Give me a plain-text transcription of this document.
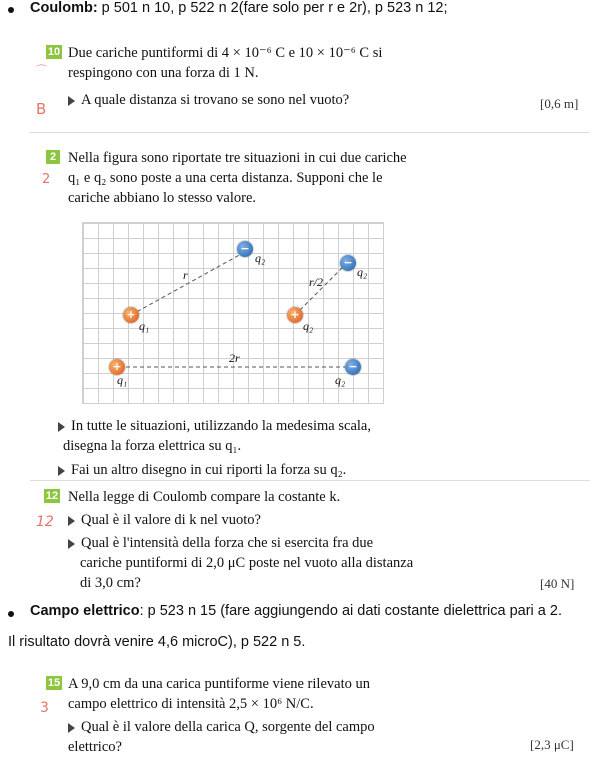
Coulomb: p 501 n 10, p 522 n 2(fare solo per r e 2r), p 523 n 12;
10
⌒
Due cariche puntiformi di 4 × 10⁻⁶ C e 10 × 10⁻⁶ C si
respingono con una forza di 1 N.
B	A quale distanza si trovano se sono nel vuoto?	[0,6 m]
2
2
Nella figura sono riportate tre situazioni in cui due cariche
q₁ e q₂ sono poste a una certa distanza. Supponi che le
cariche abbiano lo stesso valore.
−
q₂
r
+
q₁
−
q₂
r/2
+
q₂
2r
+
q₁
−
q₂
In tutte le situazioni, utilizzando la medesima scala,
disegna la forza elettrica su q₁.
Fai un altro disegno in cui riporti la forza su q₂.
12
12
Nella legge di Coulomb compare la costante k.
Qual è il valore di k nel vuoto?
Qual è l'intensità della forza che si esercita fra due
cariche puntiformi di 2,0 μC poste nel vuoto alla distanza
di 3,0 cm?	[40 N]
Campo elettrico: p 523 n 15 (fare aggiungendo ai dati costante dielettrica pari a 2.
Il risultato dovrà venire 4,6 microC), p 522 n 5.
15
3
A 9,0 cm da una carica puntiforme viene rilevato un
campo elettrico di intensità 2,5 × 10⁶ N/C.
Qual è il valore della carica Q, sorgente del campo
elettrico?	[2,3 μC]
